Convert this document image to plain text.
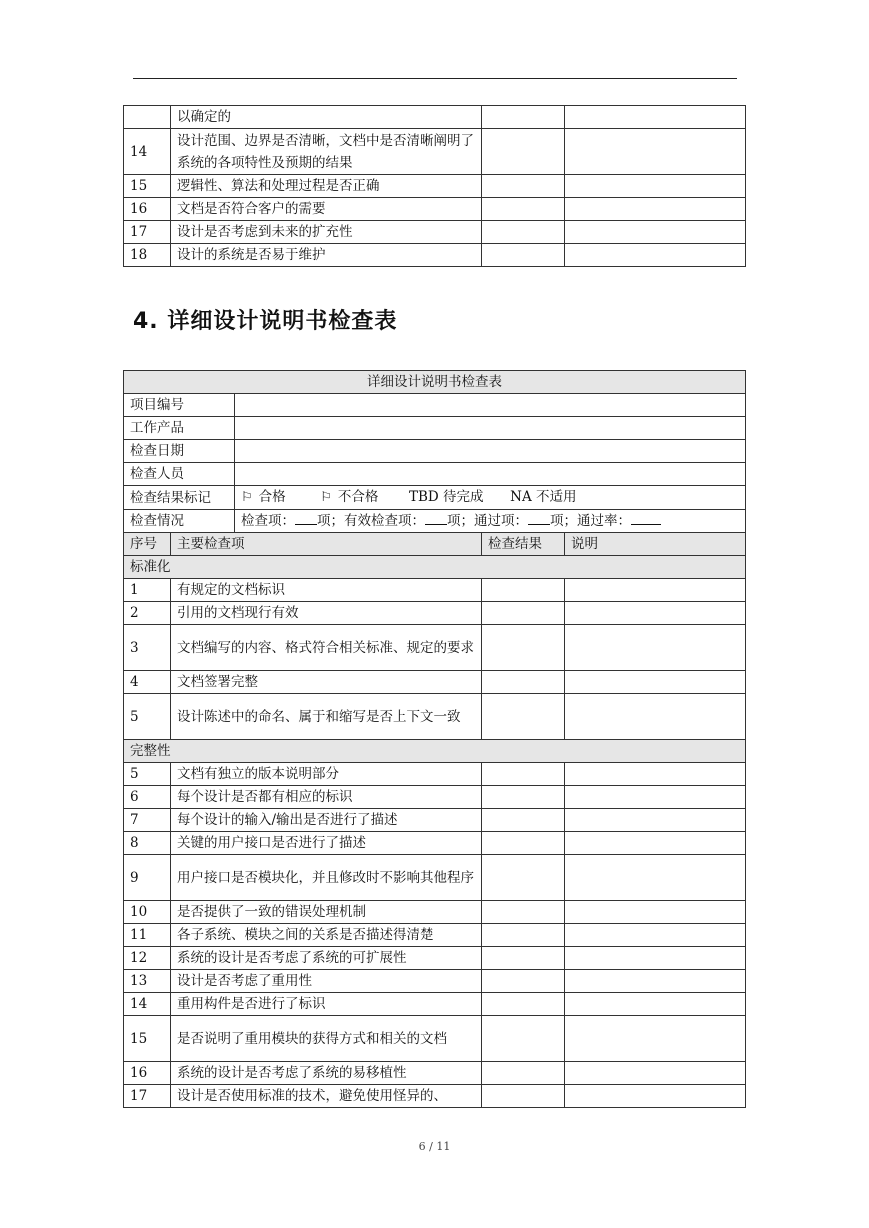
	以确定的		
14	设计范围、边界是否清晰，文档中是否清晰阐明了系统的各项特性及预期的结果		
15	逻辑性、算法和处理过程是否正确		
16	文档是否符合客户的需要		
17	设计是否考虑到未来的扩充性		
18	设计的系统是否易于维护		
4. 详细设计说明书检查表
详细设计说明书检查表				
项目编号				
工作产品				
检查日期				
检查人员				
检查结果标记		⚐ 合格 ⚐ 不合格 TBD 待完成 NA 不适用		
检查情况		检查项： 项；有效检查项： 项；通过项： 项；通过率：		
序号	主要检查项		检查结果	说明
标准化				
1	有规定的文档标识			
2	引用的文档现行有效			
3	文档编写的内容、格式符合相关标准、规定的要求			
4	文档签署完整			
5	设计陈述中的命名、属于和缩写是否上下文一致			
完整性				
5	文档有独立的版本说明部分			
6	每个设计是否都有相应的标识			
7	每个设计的输入/输出是否进行了描述			
8	关键的用户接口是否进行了描述			
9	用户接口是否模块化，并且修改时不影响其他程序			
10	是否提供了一致的错误处理机制			
11	各子系统、模块之间的关系是否描述得清楚			
12	系统的设计是否考虑了系统的可扩展性			
13	设计是否考虑了重用性			
14	重用构件是否进行了标识			
15	是否说明了重用模块的获得方式和相关的文档			
16	系统的设计是否考虑了系统的易移植性			
17	设计是否使用标准的技术，避免使用怪异的、			
6 / 11
